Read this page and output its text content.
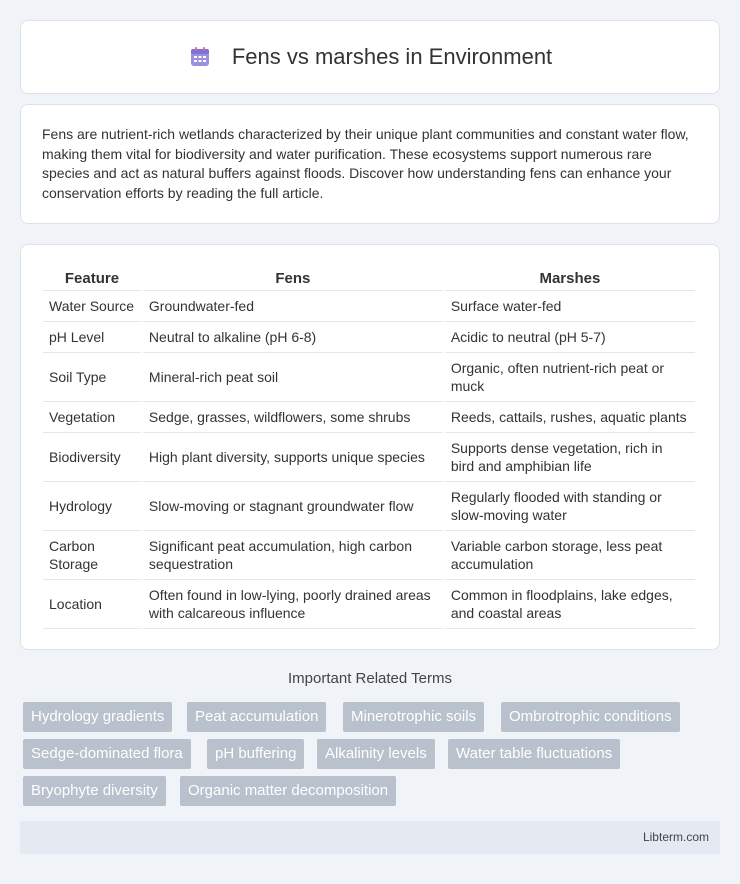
Fens vs marshes in Environment

Fens are nutrient-rich wetlands characterized by their unique plant communities and constant water flow, making them vital for biodiversity and water purification. These ecosystems support numerous rare species and act as natural buffers against floods. Discover how understanding fens can enhance your conservation efforts by reading the full article.

Feature	Fens	Marshes
Water Source	Groundwater-fed	Surface water-fed
pH Level	Neutral to alkaline (pH 6-8)	Acidic to neutral (pH 5-7)
Soil Type	Mineral-rich peat soil	Organic, often nutrient-rich peat or muck
Vegetation	Sedge, grasses, wildflowers, some shrubs	Reeds, cattails, rushes, aquatic plants
Biodiversity	High plant diversity, supports unique species	Supports dense vegetation, rich in bird and amphibian life
Hydrology	Slow-moving or stagnant groundwater flow	Regularly flooded with standing or slow-moving water
Carbon Storage	Significant peat accumulation, high carbon sequestration	Variable carbon storage, less peat accumulation
Location	Often found in low-lying, poorly drained areas with calcareous influence	Common in floodplains, lake edges, and coastal areas
Important Related Terms
Hydrology gradients	Peat accumulation	Minerotrophic soils	Ombrotrophic conditions
Sedge-dominated flora	pH buffering	Alkalinity levels	Water table fluctuations
Bryophyte diversity	Organic matter decomposition
Libterm.com
